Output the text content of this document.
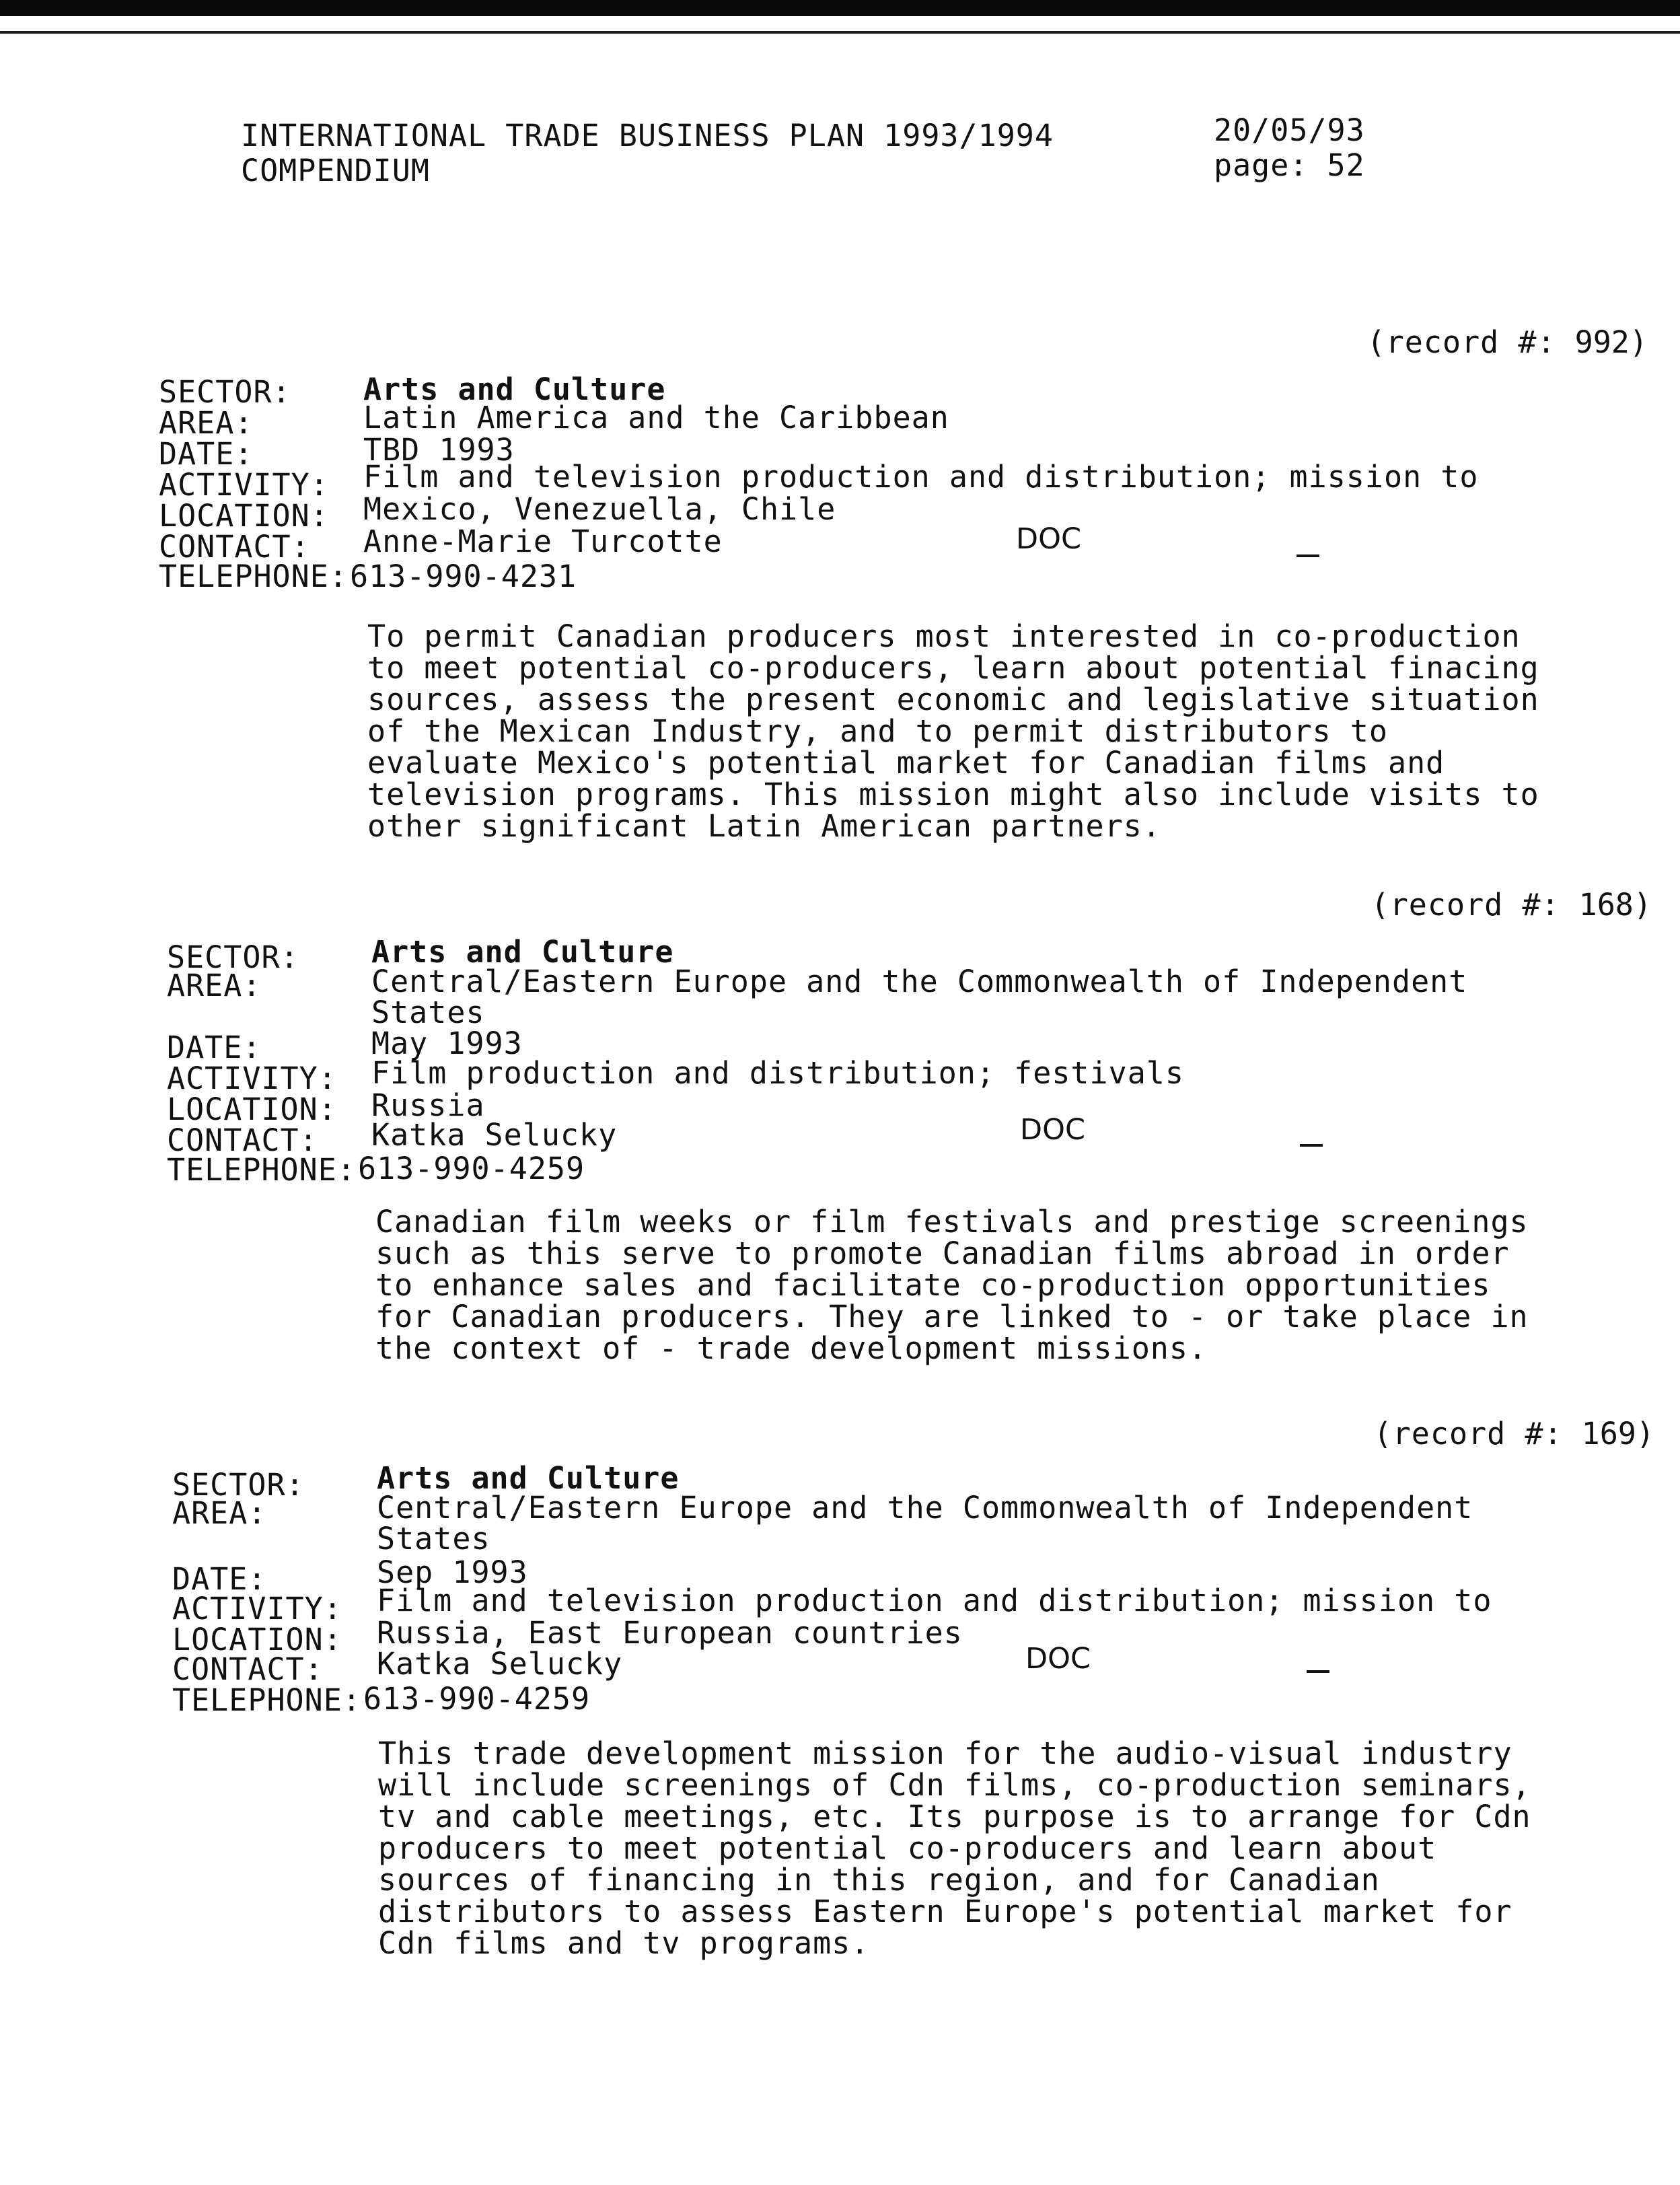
INTERNATIONAL TRADE BUSINESS PLAN 1993/1994
COMPENDIUM
20/05/93
page: 52
(record #: 992)
SECTOR: Arts and Culture
AREA:	Latin America and the Caribbean
DATE:	TBD 1993
ACTIVITY: Film and television production and distribution; mission to
LOCATION: Mexico, Venezuella, Chile
CONTACT: Anne-Marie Turcotte	DOC
TELEPHONE: 613-990-4231
To permit Canadian producers most interested in co-production
to meet potential co-producers, learn about potential finacing
sources, assess the present economic and legislative situation
of the Mexican Industry, and to permit distributors to
evaluate Mexico's potential market for Canadian films and
television programs. This mission might also include visits to
other significant Latin American partners.
(record #: 168)
SECTOR: Arts and Culture
AREA:	Central/Eastern Europe and the Commonwealth of Independent
States
DATE:	May 1993
ACTIVITY: Film production and distribution; festivals
LOCATION: Russia
CONTACT: Katka Selucky	DOC
TELEPHONE: 613-990-4259
Canadian film weeks or film festivals and prestige screenings
such as this serve to promote Canadian films abroad in order
to enhance sales and facilitate co-production opportunities
for Canadian producers. They are linked to - or take place in
the context of - trade development missions.
(record #: 169)
SECTOR: Arts and Culture
AREA:	Central/Eastern Europe and the Commonwealth of Independent
States
DATE:	Sep 1993
ACTIVITY: Film and television production and distribution; mission to
LOCATION: Russia, East European countries
CONTACT: Katka Selucky	DOC
TELEPHONE: 613-990-4259
This trade development mission for the audio-visual industry
will include screenings of Cdn films, co-production seminars,
tv and cable meetings, etc. Its purpose is to arrange for Cdn
producers to meet potential co-producers and learn about
sources of financing in this region, and for Canadian
distributors to assess Eastern Europe's potential market for
Cdn films and tv programs.
